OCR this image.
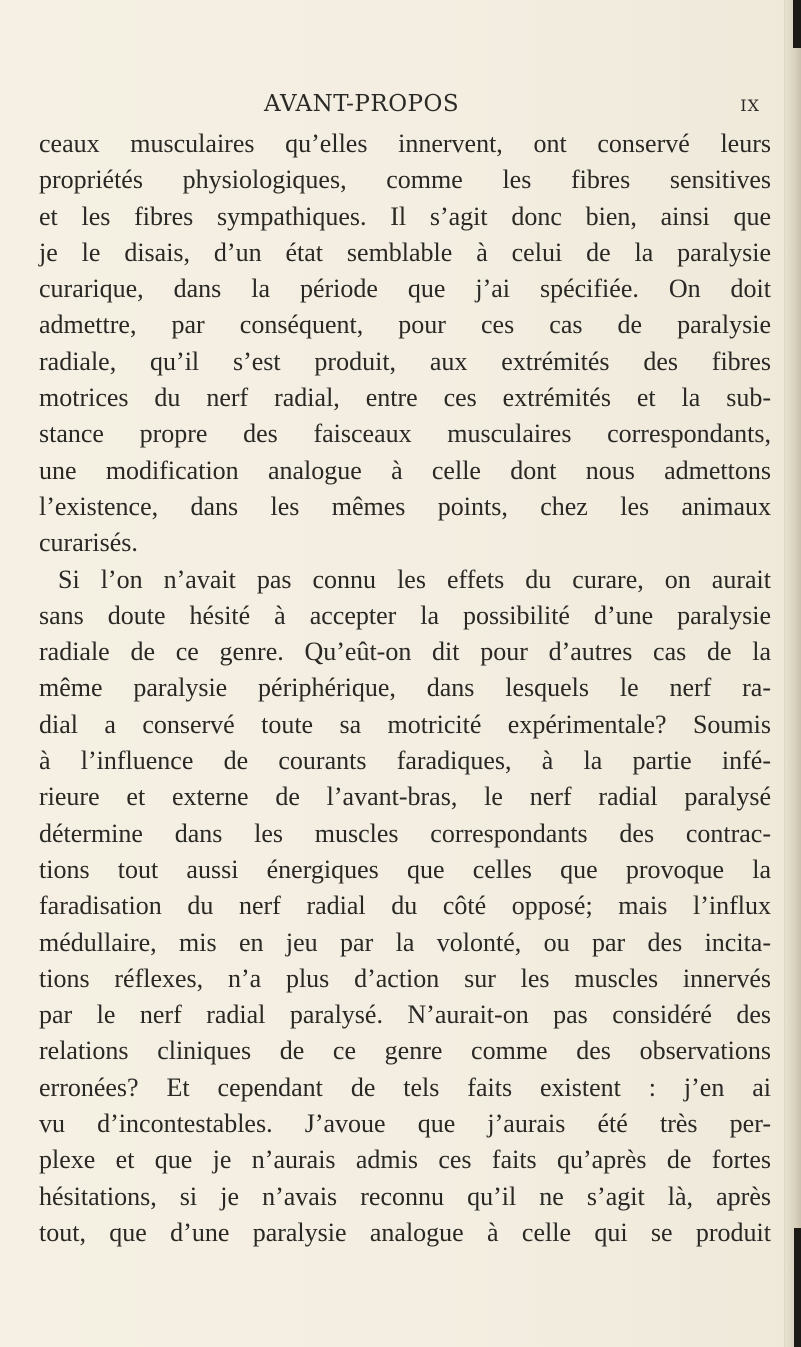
AVANT-PROPOS	IX
ceaux musculaires qu’elles innervent, ont conservé leurs
propriétés physiologiques, comme les fibres sensitives
et les fibres sympathiques. Il s’agit donc bien, ainsi que
je le disais, d’un état semblable à celui de la paralysie
curarique, dans la période que j’ai spécifiée. On doit
admettre, par conséquent, pour ces cas de paralysie
radiale, qu’il s’est produit, aux extrémités des fibres
motrices du nerf radial, entre ces extrémités et la sub-
stance propre des faisceaux musculaires correspondants,
une modification analogue à celle dont nous admettons
l’existence, dans les mêmes points, chez les animaux
curarisés.
Si l’on n’avait pas connu les effets du curare, on aurait
sans doute hésité à accepter la possibilité d’une paralysie
radiale de ce genre. Qu’eût-on dit pour d’autres cas de la
même paralysie périphérique, dans lesquels le nerf ra-
dial a conservé toute sa motricité expérimentale? Soumis
à l’influence de courants faradiques, à la partie infé-
rieure et externe de l’avant-bras, le nerf radial paralysé
détermine dans les muscles correspondants des contrac-
tions tout aussi énergiques que celles que provoque la
faradisation du nerf radial du côté opposé; mais l’influx
médullaire, mis en jeu par la volonté, ou par des incita-
tions réflexes, n’a plus d’action sur les muscles innervés
par le nerf radial paralysé. N’aurait-on pas considéré des
relations cliniques de ce genre comme des observations
erronées? Et cependant de tels faits existent : j’en ai
vu d’incontestables. J’avoue que j’aurais été très per-
plexe et que je n’aurais admis ces faits qu’après de fortes
hésitations, si je n’avais reconnu qu’il ne s’agit là, après
tout, que d’une paralysie analogue à celle qui se produit
